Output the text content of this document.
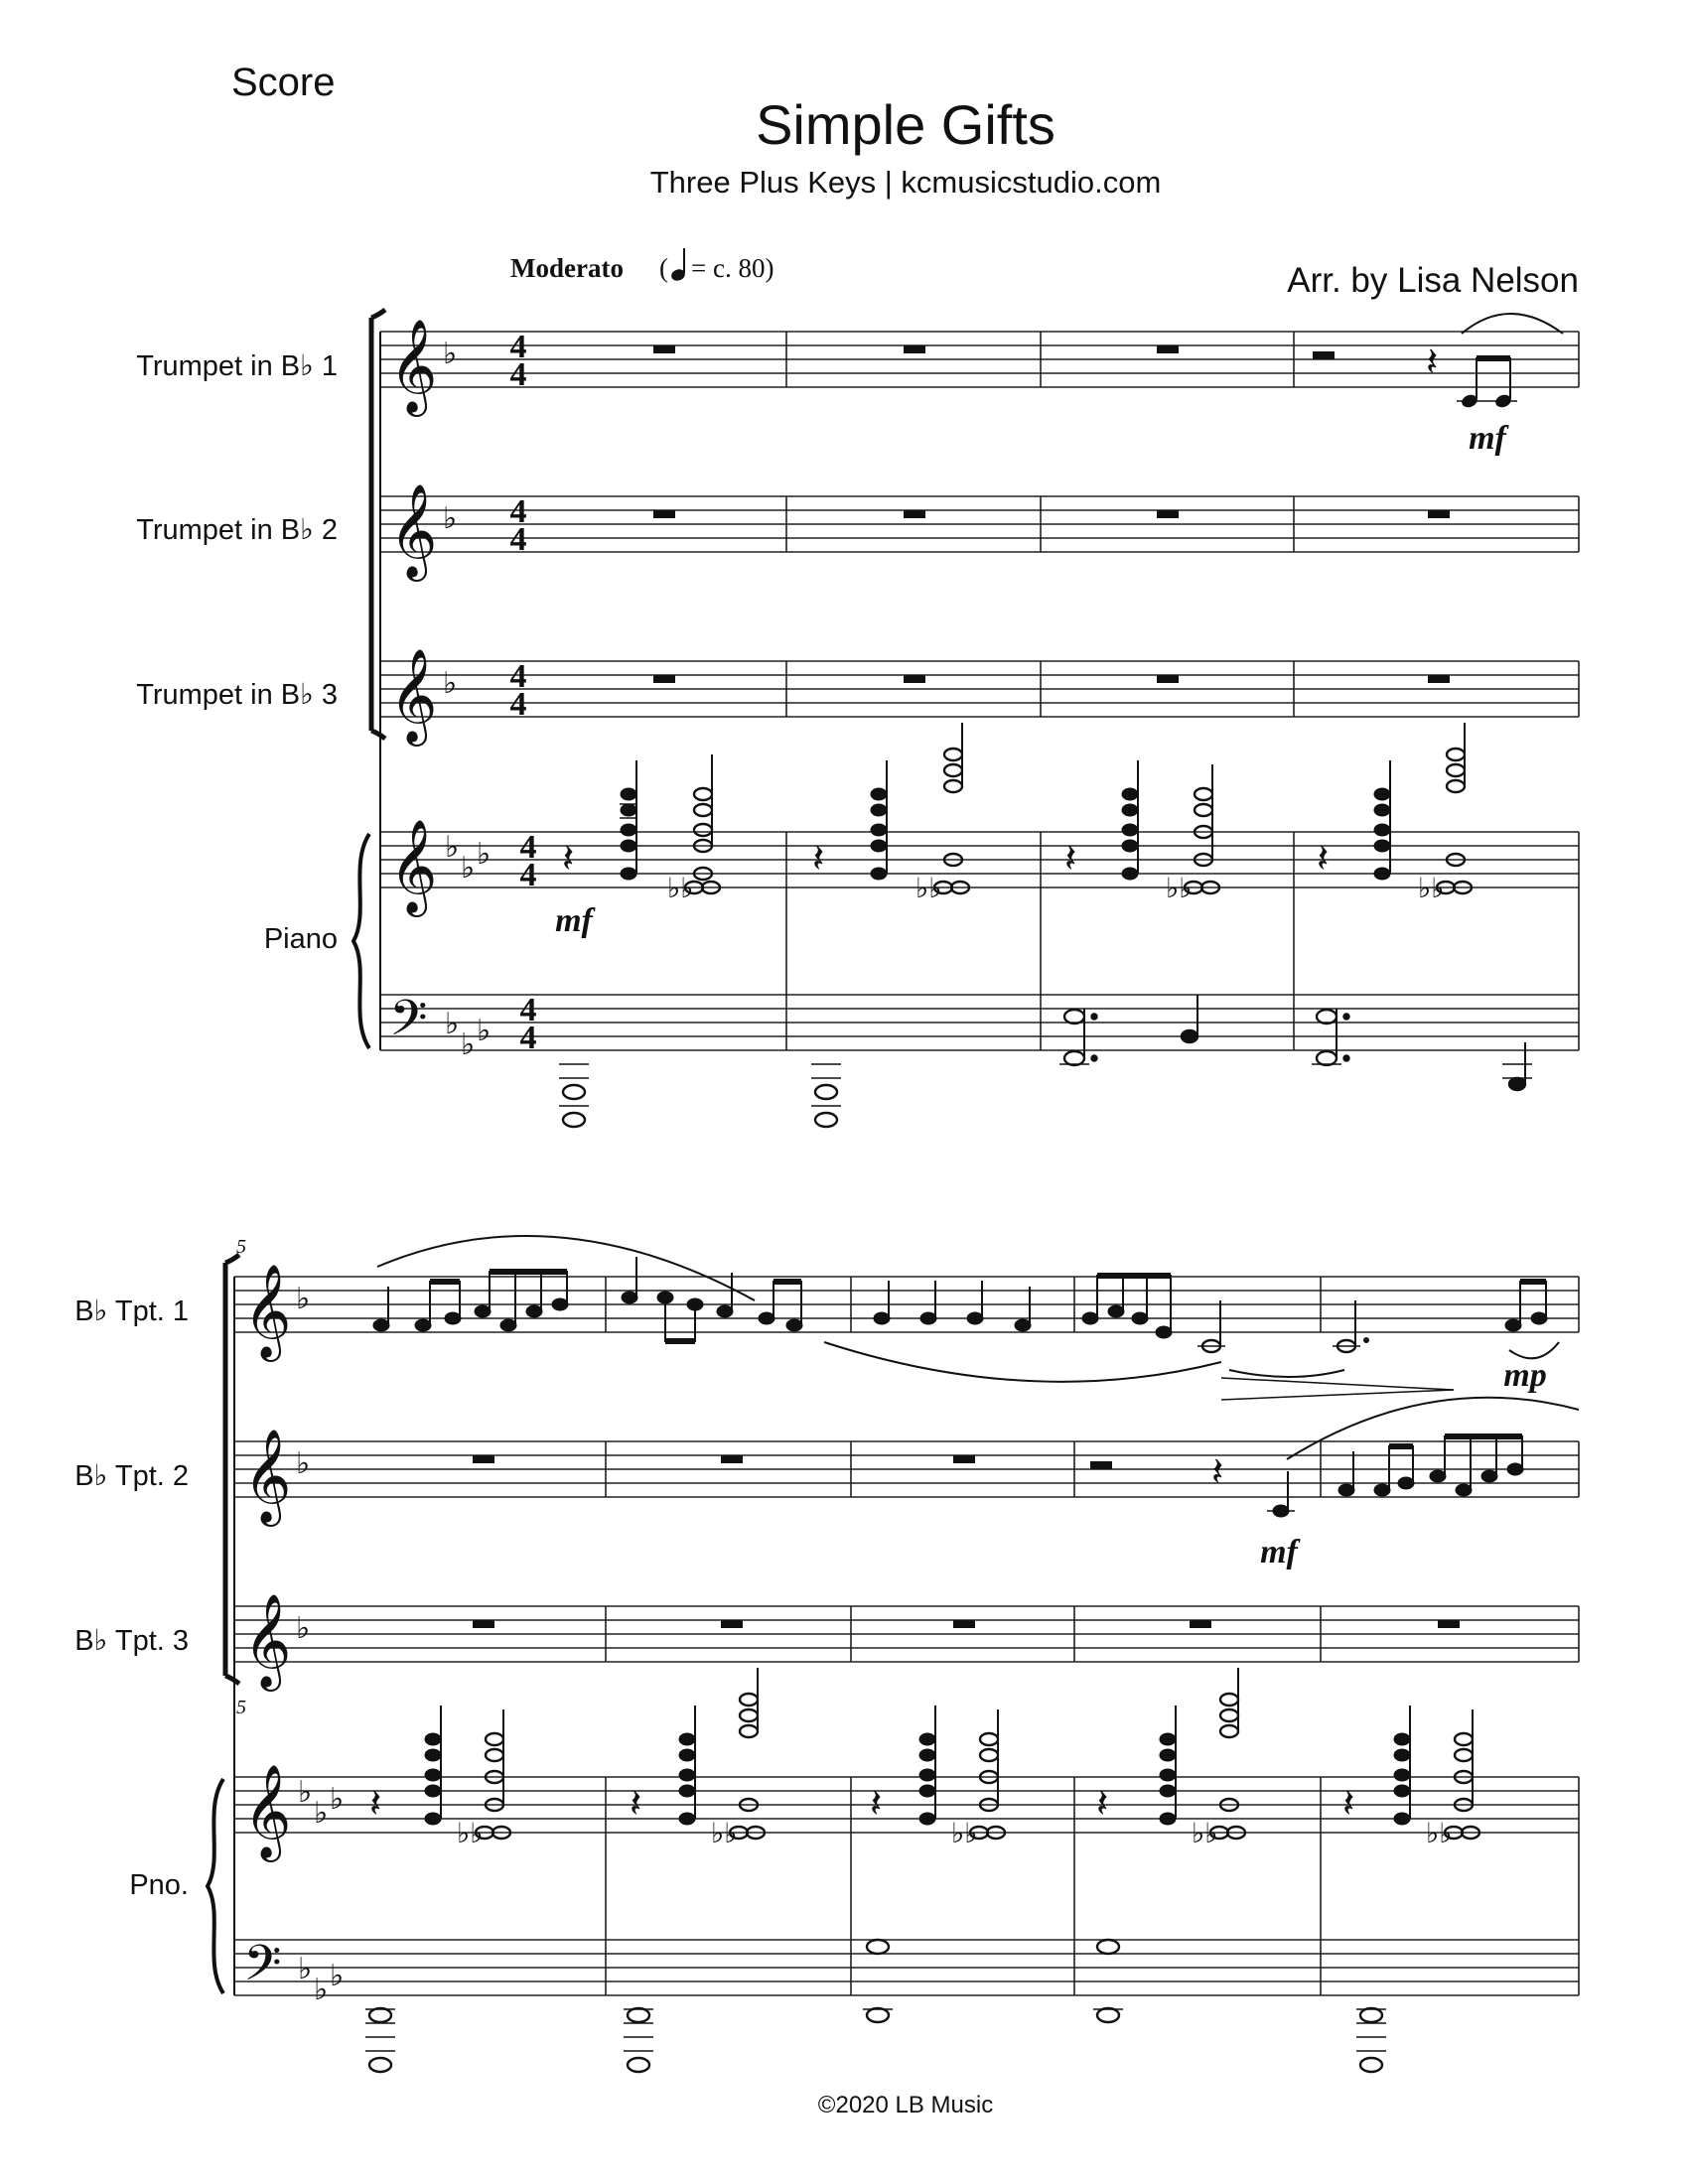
Score
Simple Gifts
Three Plus Keys | kcmusicstudio.com
Moderato ( = c. 80)	Arr. by Lisa Nelson
Trumpet in B♭ 1
Trumpet in B♭ 2
Trumpet in B♭ 3
Piano
𝄞
𝄞
𝄞
𝄞
𝄢
♭
♭
♭
♭
♭ ♭
♭
♭ ♭
4
4
4
4
4
4
4
4
4
4
𝄽
mf
𝄽
♭♭
mf
𝄽
♭♭
𝄽
♭♭
𝄽
♭♭
5
5
B♭ Tpt. 1
B♭ Tpt. 2
B♭ Tpt. 3
Pno.
𝄞
𝄞
𝄞
𝄞
𝄢
♭
♭
♭
♭
♭ ♭
♭
♭ ♭
mp
𝄽
mf
𝄽
♭♭
𝄽
♭♭
𝄽
♭♭
𝄽
♭♭
𝄽
♭♭
©2020 LB Music
